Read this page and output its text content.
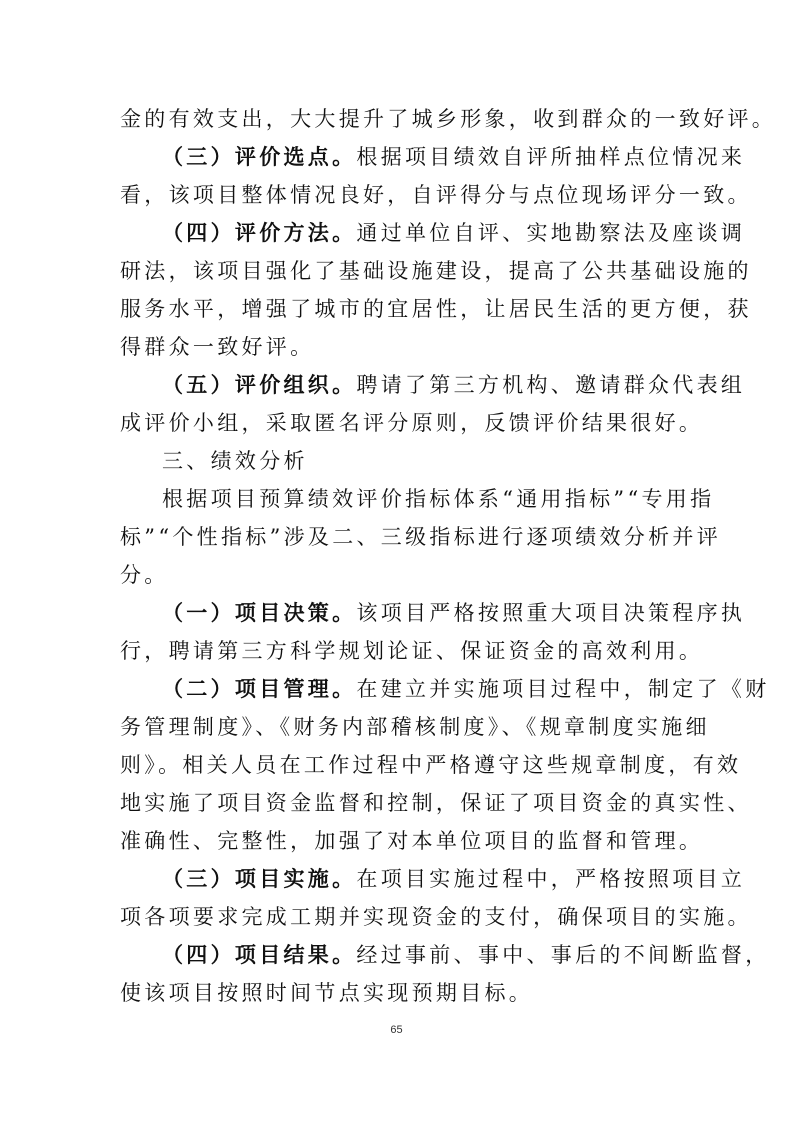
金的有效支出，大大提升了城乡形象，收到群众的一致好评。
（三）评价选点。根据项目绩效自评所抽样点位情况来
看，该项目整体情况良好，自评得分与点位现场评分一致。
（四）评价方法。通过单位自评、实地勘察法及座谈调
研法，该项目强化了基础设施建设，提高了公共基础设施的
服务水平，增强了城市的宜居性，让居民生活的更方便，获
得群众一致好评。
（五）评价组织。聘请了第三方机构、邀请群众代表组
成评价小组，采取匿名评分原则，反馈评价结果很好。
三、绩效分析
根据项目预算绩效评价指标体系“通用指标”“专用指
标”“个性指标”涉及二、三级指标进行逐项绩效分析并评
分。
（一）项目决策。该项目严格按照重大项目决策程序执
行，聘请第三方科学规划论证、保证资金的高效利用。
（二）项目管理。在建立并实施项目过程中，制定了《财
务管理制度》、《财务内部稽核制度》、《规章制度实施细
则》。相关人员在工作过程中严格遵守这些规章制度，有效
地实施了项目资金监督和控制，保证了项目资金的真实性、
准确性、完整性，加强了对本单位项目的监督和管理。
（三）项目实施。在项目实施过程中，严格按照项目立
项各项要求完成工期并实现资金的支付，确保项目的实施。
（四）项目结果。经过事前、事中、事后的不间断监督，
使该项目按照时间节点实现预期目标。
65
